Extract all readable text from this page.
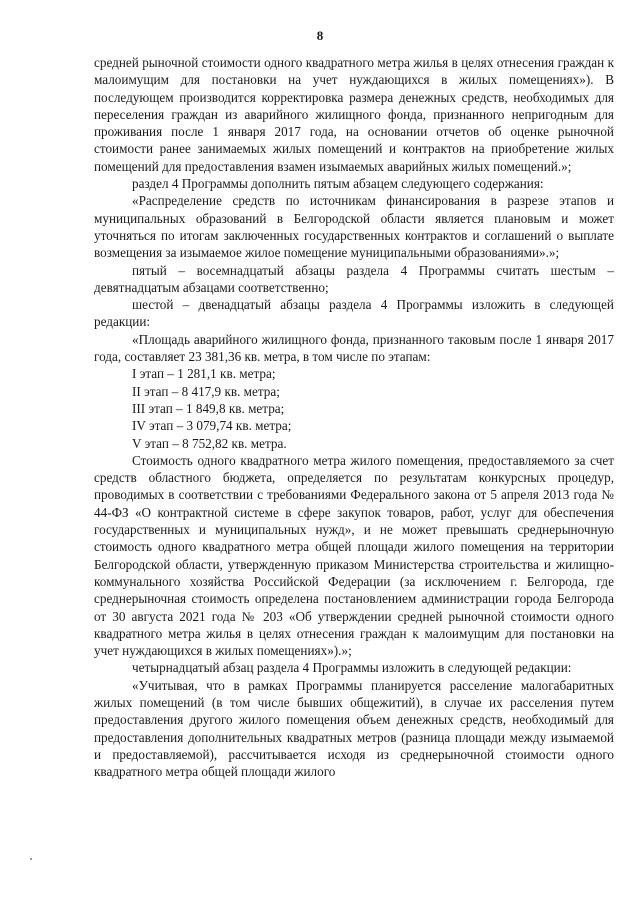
8

средней рыночной стоимости одного квадратного метра жилья в целях отнесения граждан к малоимущим для постановки на учет нуждающихся в жилых помещениях»). В последующем производится корректировка размера денежных средств, необходимых для переселения граждан из аварийного жилищного фонда, признанного непригодным для проживания после 1 января 2017 года, на основании отчетов об оценке рыночной стоимости ранее занимаемых жилых помещений и контрактов на приобретение жилых помещений для предоставления взамен изымаемых аварийных жилых помещений.»;

раздел 4 Программы дополнить пятым абзацем следующего содержания:

«Распределение средств по источникам финансирования в разрезе этапов и муниципальных образований в Белгородской области является плановым и может уточняться по итогам заключенных государственных контрактов и соглашений о выплате возмещения за изымаемое жилое помещение муниципальными образованиями».»;

пятый – восемнадцатый абзацы раздела 4 Программы считать шестым – девятнадцатым абзацами соответственно;

шестой – двенадцатый абзацы раздела 4 Программы изложить в следующей редакции:

«Площадь аварийного жилищного фонда, признанного таковым после 1 января 2017 года, составляет 23 381,36 кв. метра, в том числе по этапам:

I этап – 1 281,1 кв. метра;

II этап – 8 417,9 кв. метра;

III этап – 1 849,8 кв. метра;

IV этап – 3 079,74 кв. метра;

V этап – 8 752,82 кв. метра.

Стоимость одного квадратного метра жилого помещения, предоставляемого за счет средств областного бюджета, определяется по результатам конкурсных процедур, проводимых в соответствии с требованиями Федерального закона от 5 апреля 2013 года № 44-ФЗ «О контрактной системе в сфере закупок товаров, работ, услуг для обеспечения государственных и муниципальных нужд», и не может превышать среднерыночную стоимость одного квадратного метра общей площади жилого помещения на территории Белгородской области, утвержденную приказом Министерства строительства и жилищно-коммунального хозяйства Российской Федерации (за исключением г. Белгорода, где среднерыночная стоимость определена постановлением администрации города Белгорода от 30 августа 2021 года № 203 «Об утверждении средней рыночной стоимости одного квадратного метра жилья в целях отнесения граждан к малоимущим для постановки на учет нуждающихся в жилых помещениях»).»;

четырнадцатый абзац раздела 4 Программы изложить в следующей редакции:

«Учитывая, что в рамках Программы планируется расселение малогабаритных жилых помещений (в том числе бывших общежитий), в случае их расселения путем предоставления другого жилого помещения объем денежных средств, необходимый для предоставления дополнительных квадратных метров (разница площади между изымаемой и предоставляемой), рассчитывается исходя из среднерыночной стоимости одного квадратного метра общей площади жилого
